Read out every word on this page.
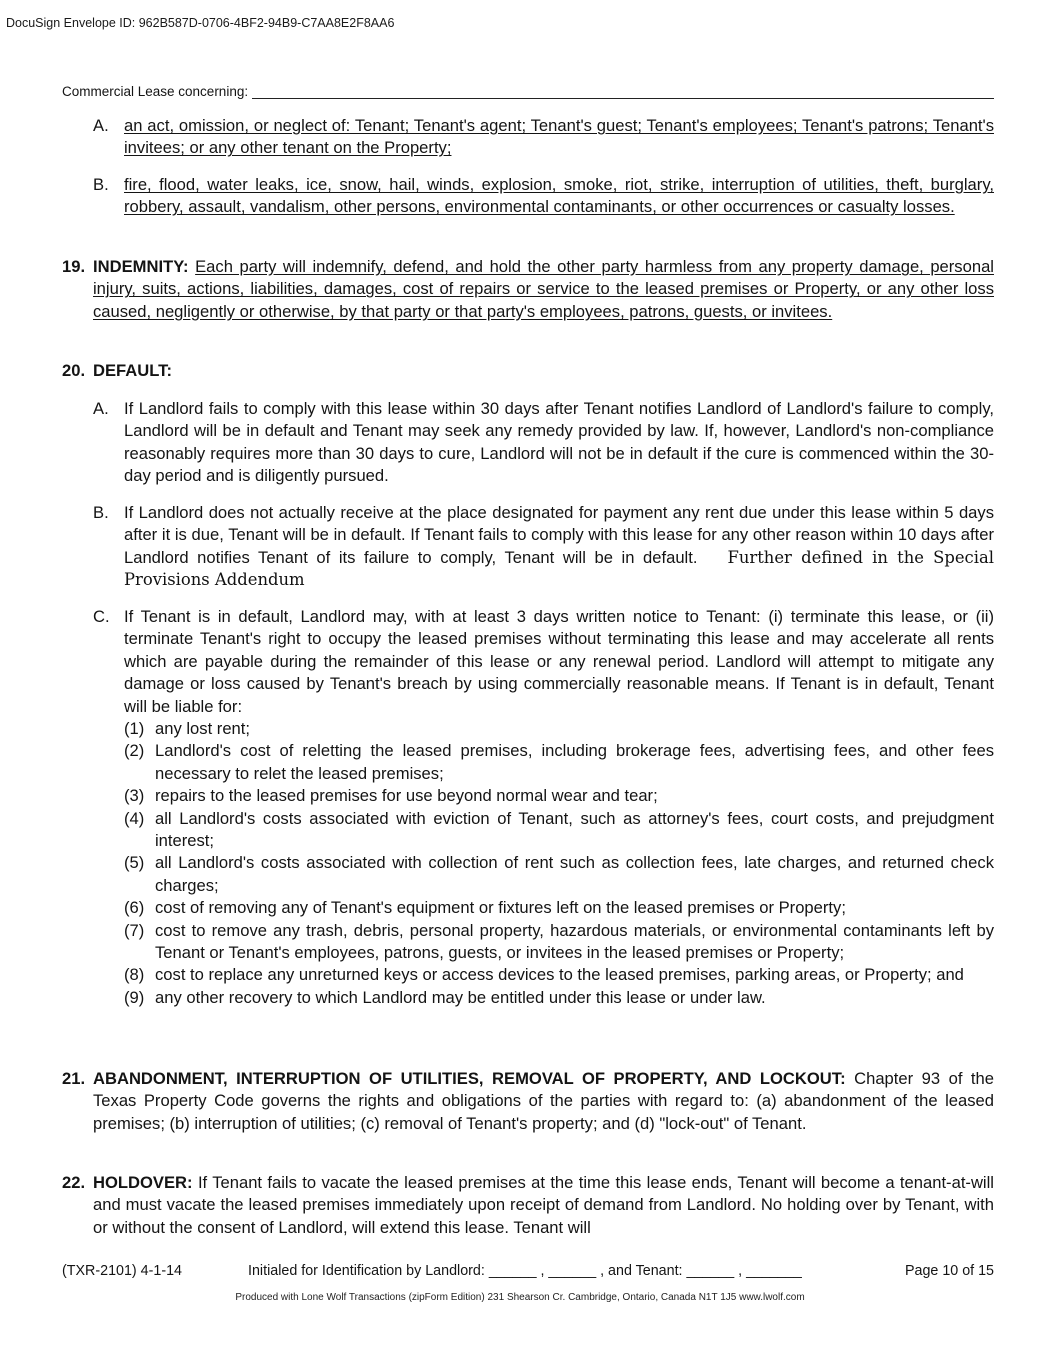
DocuSign Envelope ID: 962B587D-0706-4BF2-94B9-C7AA8E2F8AA6
Commercial Lease concerning:
A. an act, omission, or neglect of: Tenant; Tenant's agent; Tenant's guest; Tenant's employees; Tenant's patrons; Tenant's invitees; or any other tenant on the Property;
B. fire, flood, water leaks, ice, snow, hail, winds, explosion, smoke, riot, strike, interruption of utilities, theft, burglary, robbery, assault, vandalism, other persons, environmental contaminants, or other occurrences or casualty losses.
19. INDEMNITY: Each party will indemnify, defend, and hold the other party harmless from any property damage, personal injury, suits, actions, liabilities, damages, cost of repairs or service to the leased premises or Property, or any other loss caused, negligently or otherwise, by that party or that party's employees, patrons, guests, or invitees.
20. DEFAULT:
A. If Landlord fails to comply with this lease within 30 days after Tenant notifies Landlord of Landlord's failure to comply, Landlord will be in default and Tenant may seek any remedy provided by law. If, however, Landlord's non-compliance reasonably requires more than 30 days to cure, Landlord will not be in default if the cure is commenced within the 30-day period and is diligently pursued.
B. If Landlord does not actually receive at the place designated for payment any rent due under this lease within 5 days after it is due, Tenant will be in default. If Tenant fails to comply with this lease for any other reason within 10 days after Landlord notifies Tenant of its failure to comply, Tenant will be in default. Further defined in the Special Provisions Addendum
C. If Tenant is in default, Landlord may, with at least 3 days written notice to Tenant: (i) terminate this lease, or (ii) terminate Tenant's right to occupy the leased premises without terminating this lease and may accelerate all rents which are payable during the remainder of this lease or any renewal period. Landlord will attempt to mitigate any damage or loss caused by Tenant's breach by using commercially reasonable means. If Tenant is in default, Tenant will be liable for:
(1) any lost rent;
(2) Landlord's cost of reletting the leased premises, including brokerage fees, advertising fees, and other fees necessary to relet the leased premises;
(3) repairs to the leased premises for use beyond normal wear and tear;
(4) all Landlord's costs associated with eviction of Tenant, such as attorney's fees, court costs, and prejudgment interest;
(5) all Landlord's costs associated with collection of rent such as collection fees, late charges, and returned check charges;
(6) cost of removing any of Tenant's equipment or fixtures left on the leased premises or Property;
(7) cost to remove any trash, debris, personal property, hazardous materials, or environmental contaminants left by Tenant or Tenant's employees, patrons, guests, or invitees in the leased premises or Property;
(8) cost to replace any unreturned keys or access devices to the leased premises, parking areas, or Property; and
(9) any other recovery to which Landlord may be entitled under this lease or under law.
21. ABANDONMENT, INTERRUPTION OF UTILITIES, REMOVAL OF PROPERTY, AND LOCKOUT: Chapter 93 of the Texas Property Code governs the rights and obligations of the parties with regard to: (a) abandonment of the leased premises; (b) interruption of utilities; (c) removal of Tenant's property; and (d) "lock-out" of Tenant.
22. HOLDOVER: If Tenant fails to vacate the leased premises at the time this lease ends, Tenant will become a tenant-at-will and must vacate the leased premises immediately upon receipt of demand from Landlord. No holding over by Tenant, with or without the consent of Landlord, will extend this lease. Tenant will
(TXR-2101) 4-1-14	Initialed for Identification by Landlord: ______ , ______ , and Tenant: ______ , _______	Page 10 of 15
Produced with Lone Wolf Transactions (zipForm Edition) 231 Shearson Cr. Cambridge, Ontario, Canada N1T 1J5 www.lwolf.com
